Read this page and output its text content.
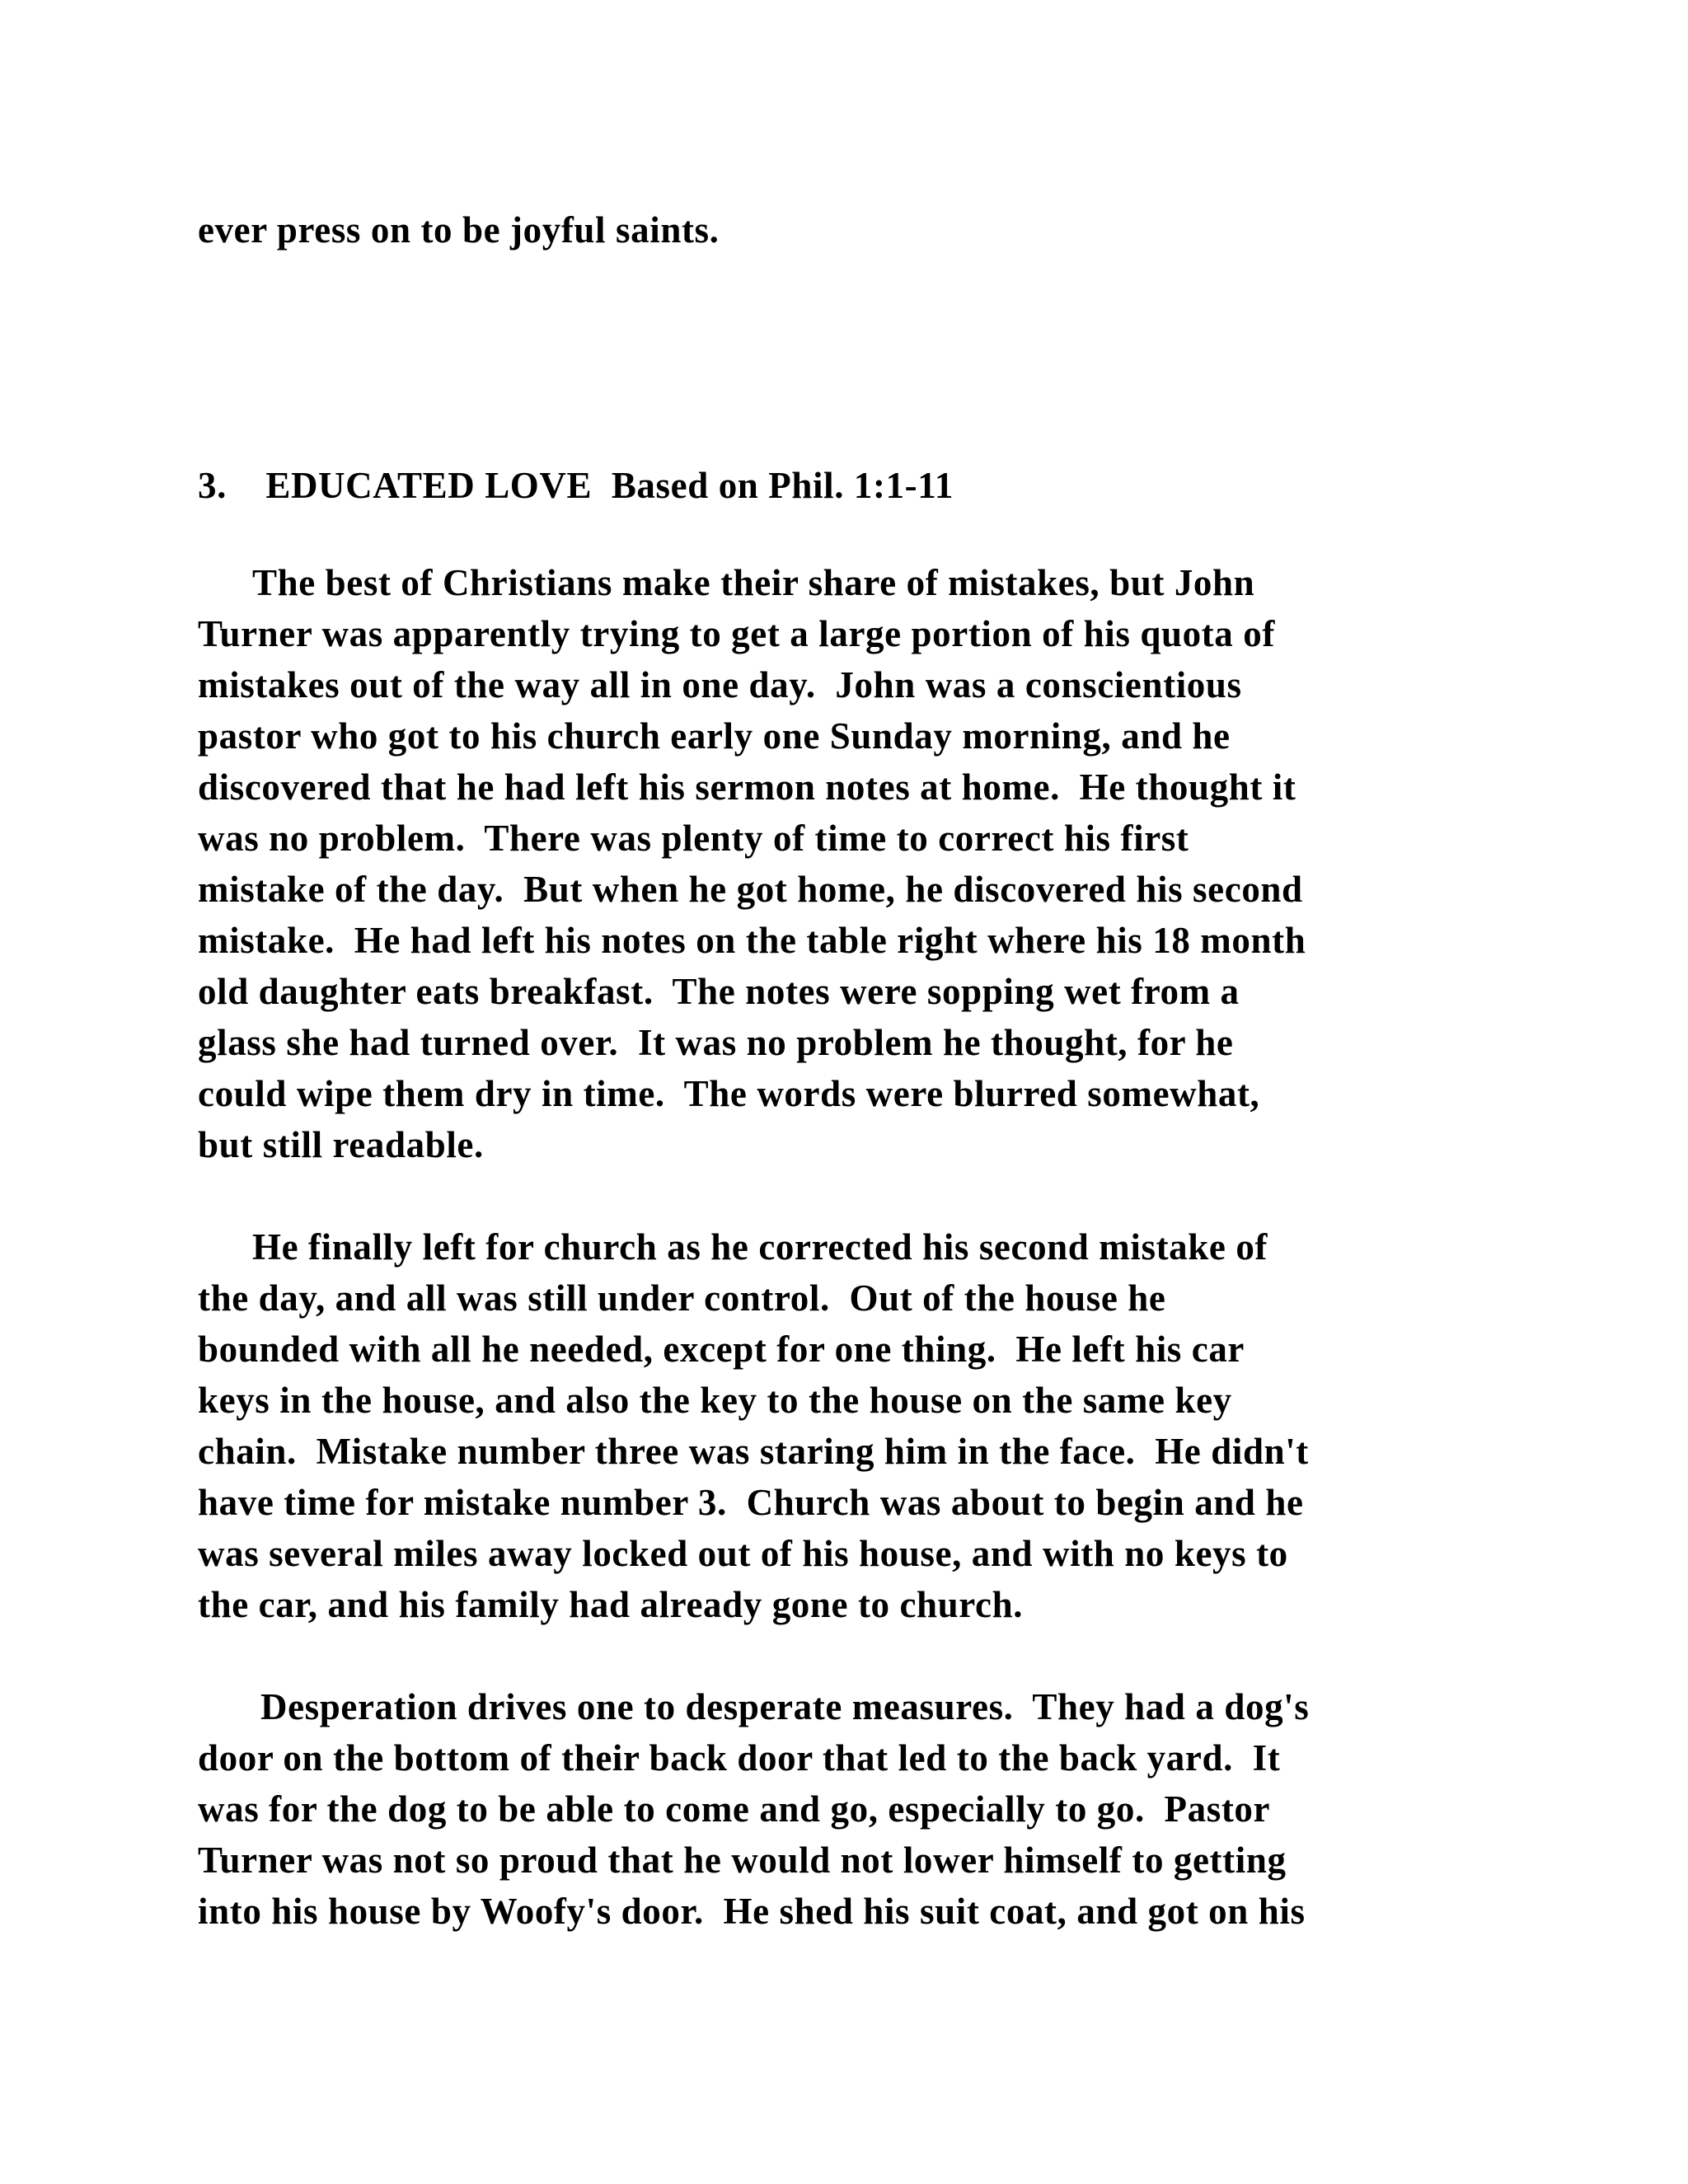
ever press on to be joyful saints.

3.    EDUCATED LOVE  Based on Phil. 1:1-11

The best of Christians make their share of mistakes, but John

Turner was apparently trying to get a large portion of his quota of

mistakes out of the way all in one day.  John was a conscientious

pastor who got to his church early one Sunday morning, and he

discovered that he had left his sermon notes at home.  He thought it

was no problem.  There was plenty of time to correct his first

mistake of the day.  But when he got home, he discovered his second

mistake.  He had left his notes on the table right where his 18 month

old daughter eats breakfast.  The notes were sopping wet from a

glass she had turned over.  It was no problem he thought, for he

could wipe them dry in time.  The words were blurred somewhat,

but still readable.

He finally left for church as he corrected his second mistake of

the day, and all was still under control.  Out of the house he

bounded with all he needed, except for one thing.  He left his car

keys in the house, and also the key to the house on the same key

chain.  Mistake number three was staring him in the face.  He didn't

have time for mistake number 3.  Church was about to begin and he

was several miles away locked out of his house, and with no keys to

the car, and his family had already gone to church.

Desperation drives one to desperate measures.  They had a dog's

door on the bottom of their back door that led to the back yard.  It

was for the dog to be able to come and go, especially to go.  Pastor

Turner was not so proud that he would not lower himself to getting

into his house by Woofy's door.  He shed his suit coat, and got on his
